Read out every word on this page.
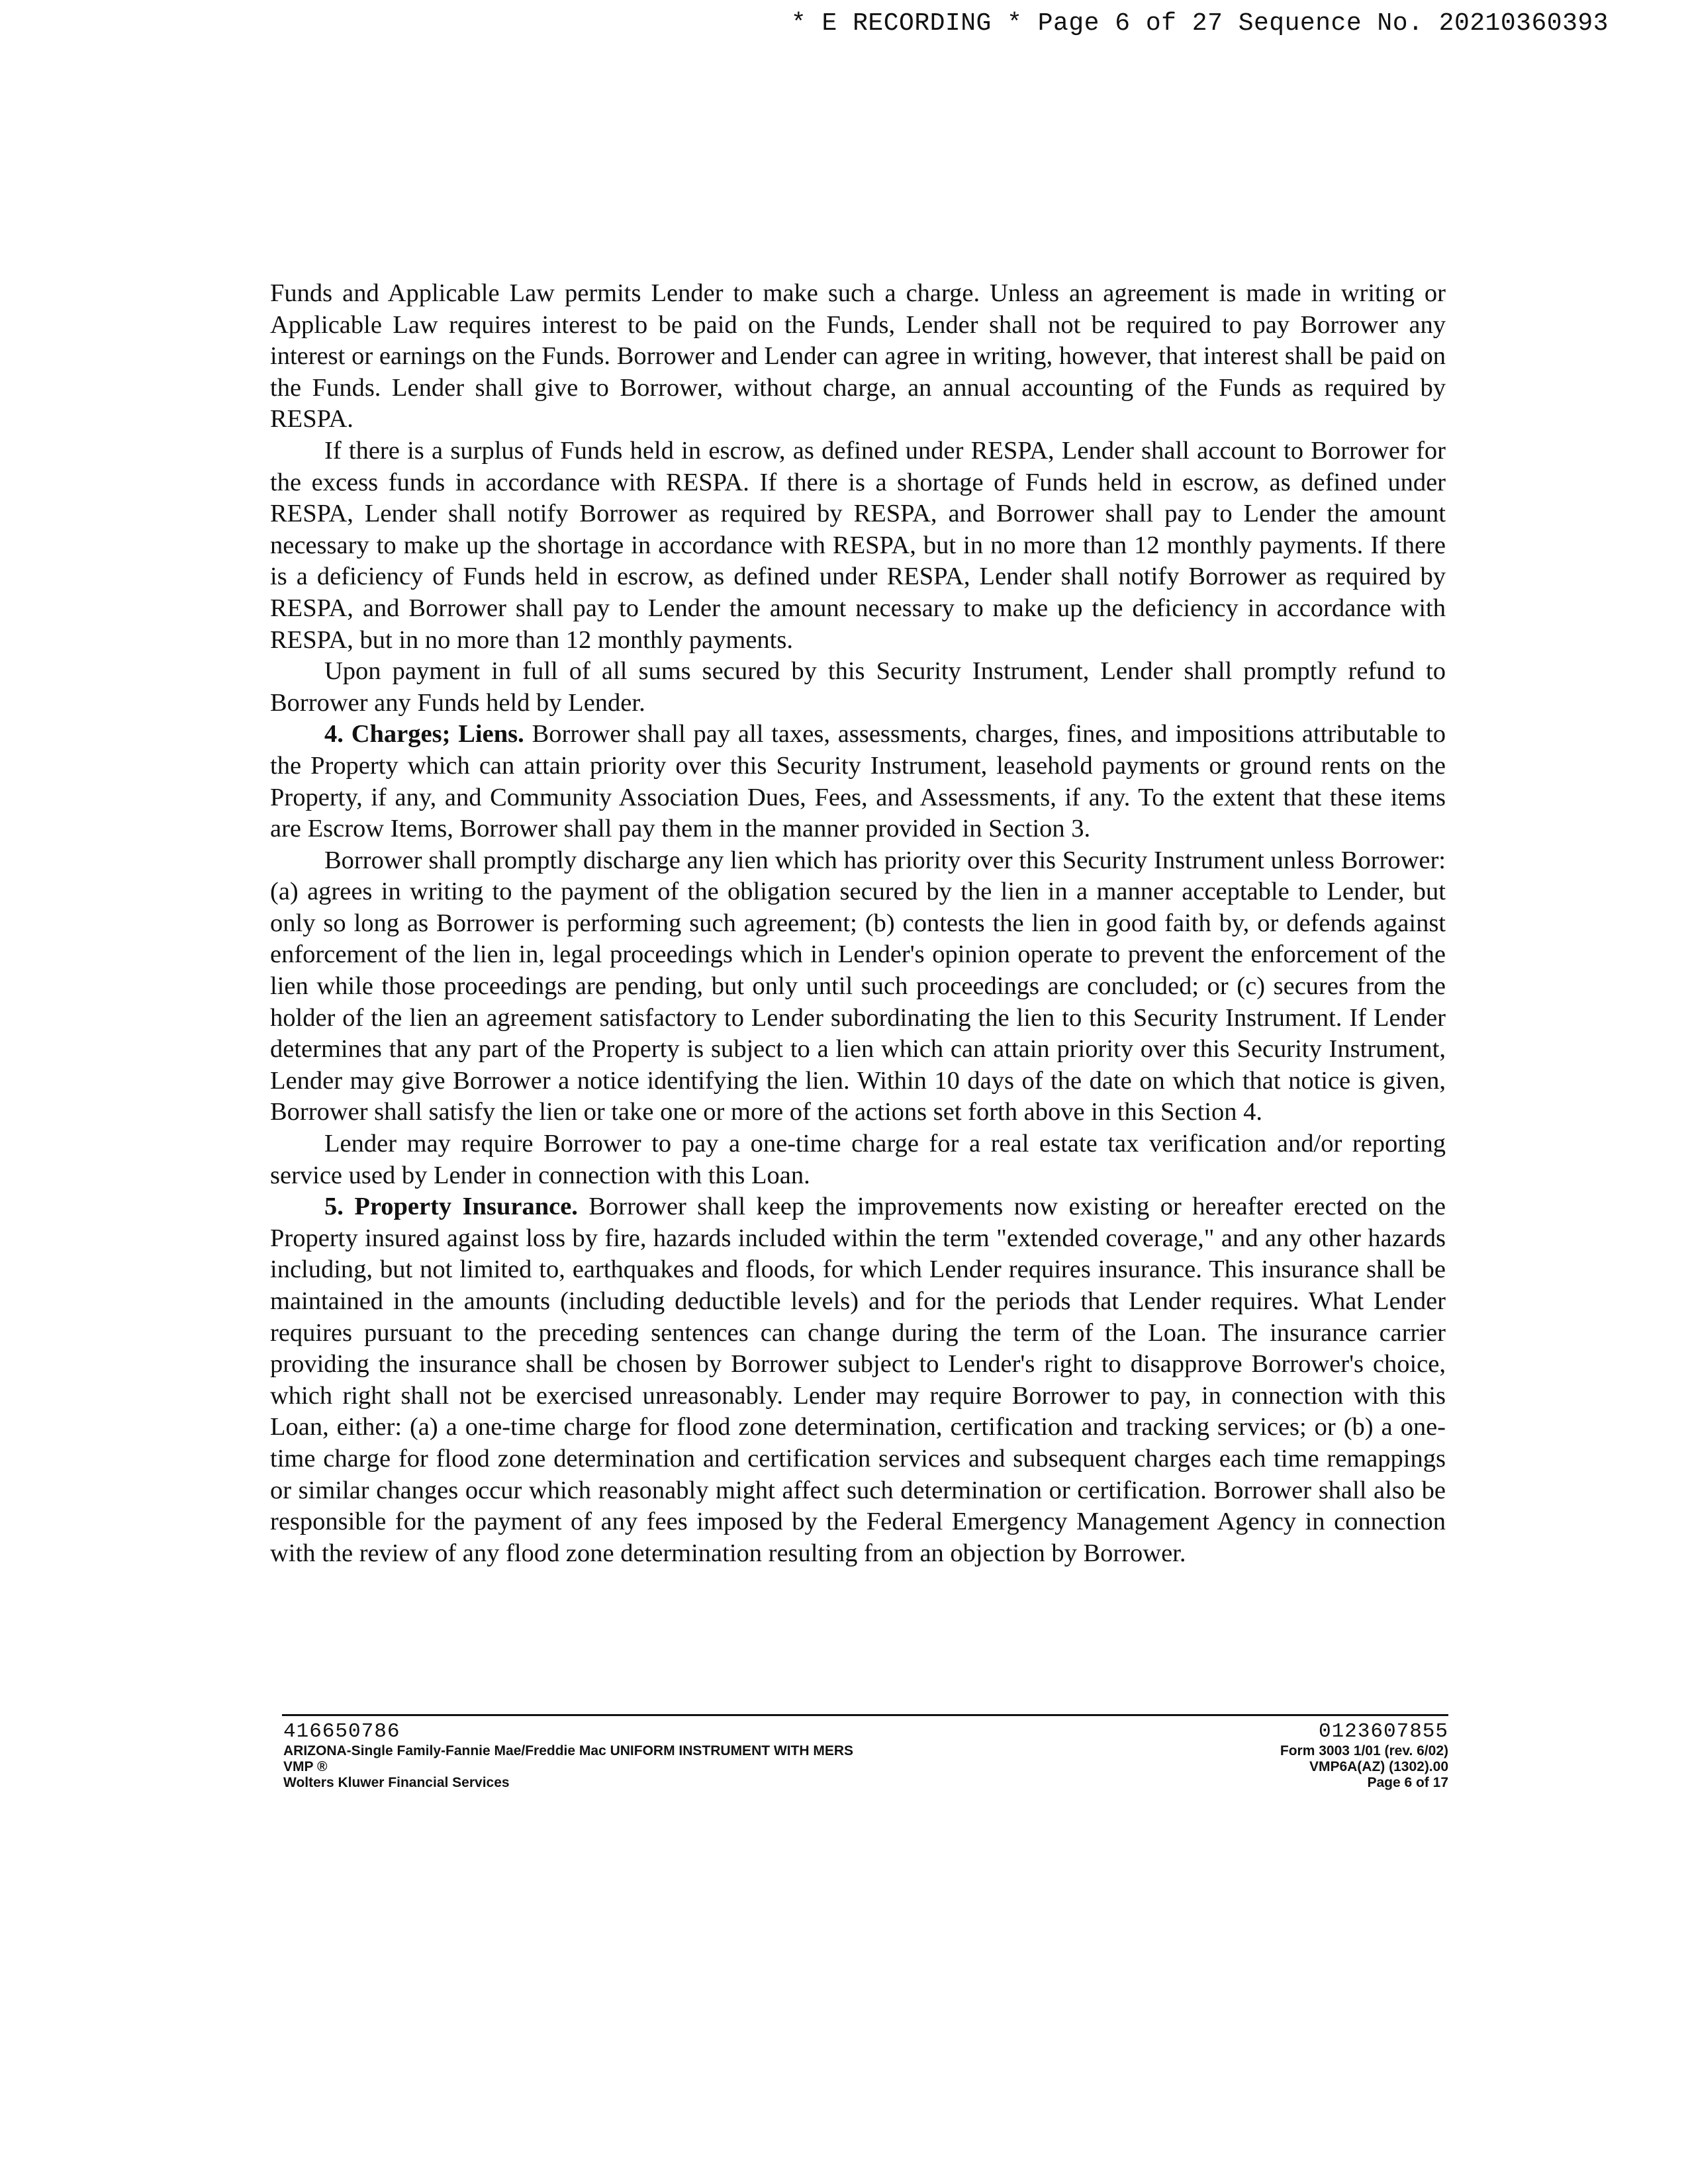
* E RECORDING * Page 6 of 27 Sequence No. 20210360393

Funds and Applicable Law permits Lender to make such a charge. Unless an agreement is made in writing or Applicable Law requires interest to be paid on the Funds, Lender shall not be required to pay Borrower any interest or earnings on the Funds. Borrower and Lender can agree in writing, however, that interest shall be paid on the Funds. Lender shall give to Borrower, without charge, an annual accounting of the Funds as required by RESPA.

If there is a surplus of Funds held in escrow, as defined under RESPA, Lender shall account to Borrower for the excess funds in accordance with RESPA. If there is a shortage of Funds held in escrow, as defined under RESPA, Lender shall notify Borrower as required by RESPA, and Borrower shall pay to Lender the amount necessary to make up the shortage in accordance with RESPA, but in no more than 12 monthly payments. If there is a deficiency of Funds held in escrow, as defined under RESPA, Lender shall notify Borrower as required by RESPA, and Borrower shall pay to Lender the amount necessary to make up the deficiency in accordance with RESPA, but in no more than 12 monthly payments.

Upon payment in full of all sums secured by this Security Instrument, Lender shall promptly refund to Borrower any Funds held by Lender.

4. Charges; Liens. Borrower shall pay all taxes, assessments, charges, fines, and impositions attributable to the Property which can attain priority over this Security Instrument, leasehold payments or ground rents on the Property, if any, and Community Association Dues, Fees, and Assessments, if any. To the extent that these items are Escrow Items, Borrower shall pay them in the manner provided in Section 3.

Borrower shall promptly discharge any lien which has priority over this Security Instrument unless Borrower: (a) agrees in writing to the payment of the obligation secured by the lien in a manner acceptable to Lender, but only so long as Borrower is performing such agreement; (b) contests the lien in good faith by, or defends against enforcement of the lien in, legal proceedings which in Lender's opinion operate to prevent the enforcement of the lien while those proceedings are pending, but only until such proceedings are concluded; or (c) secures from the holder of the lien an agreement satisfactory to Lender subordinating the lien to this Security Instrument. If Lender determines that any part of the Property is subject to a lien which can attain priority over this Security Instrument, Lender may give Borrower a notice identifying the lien. Within 10 days of the date on which that notice is given, Borrower shall satisfy the lien or take one or more of the actions set forth above in this Section 4.

Lender may require Borrower to pay a one-time charge for a real estate tax verification and/or reporting service used by Lender in connection with this Loan.

5. Property Insurance. Borrower shall keep the improvements now existing or hereafter erected on the Property insured against loss by fire, hazards included within the term "extended coverage," and any other hazards including, but not limited to, earthquakes and floods, for which Lender requires insurance. This insurance shall be maintained in the amounts (including deductible levels) and for the periods that Lender requires. What Lender requires pursuant to the preceding sentences can change during the term of the Loan. The insurance carrier providing the insurance shall be chosen by Borrower subject to Lender's right to disapprove Borrower's choice, which right shall not be exercised unreasonably. Lender may require Borrower to pay, in connection with this Loan, either: (a) a one-time charge for flood zone determination, certification and tracking services; or (b) a one-time charge for flood zone determination and certification services and subsequent charges each time remappings or similar changes occur which reasonably might affect such determination or certification. Borrower shall also be responsible for the payment of any fees imposed by the Federal Emergency Management Agency in connection with the review of any flood zone determination resulting from an objection by Borrower.

416650786
ARIZONA-Single Family-Fannie Mae/Freddie Mac UNIFORM INSTRUMENT WITH MERS
VMP ®
Wolters Kluwer Financial Services
0123607855
Form 3003 1/01 (rev. 6/02)
VMP6A(AZ) (1302).00
Page 6 of 17
